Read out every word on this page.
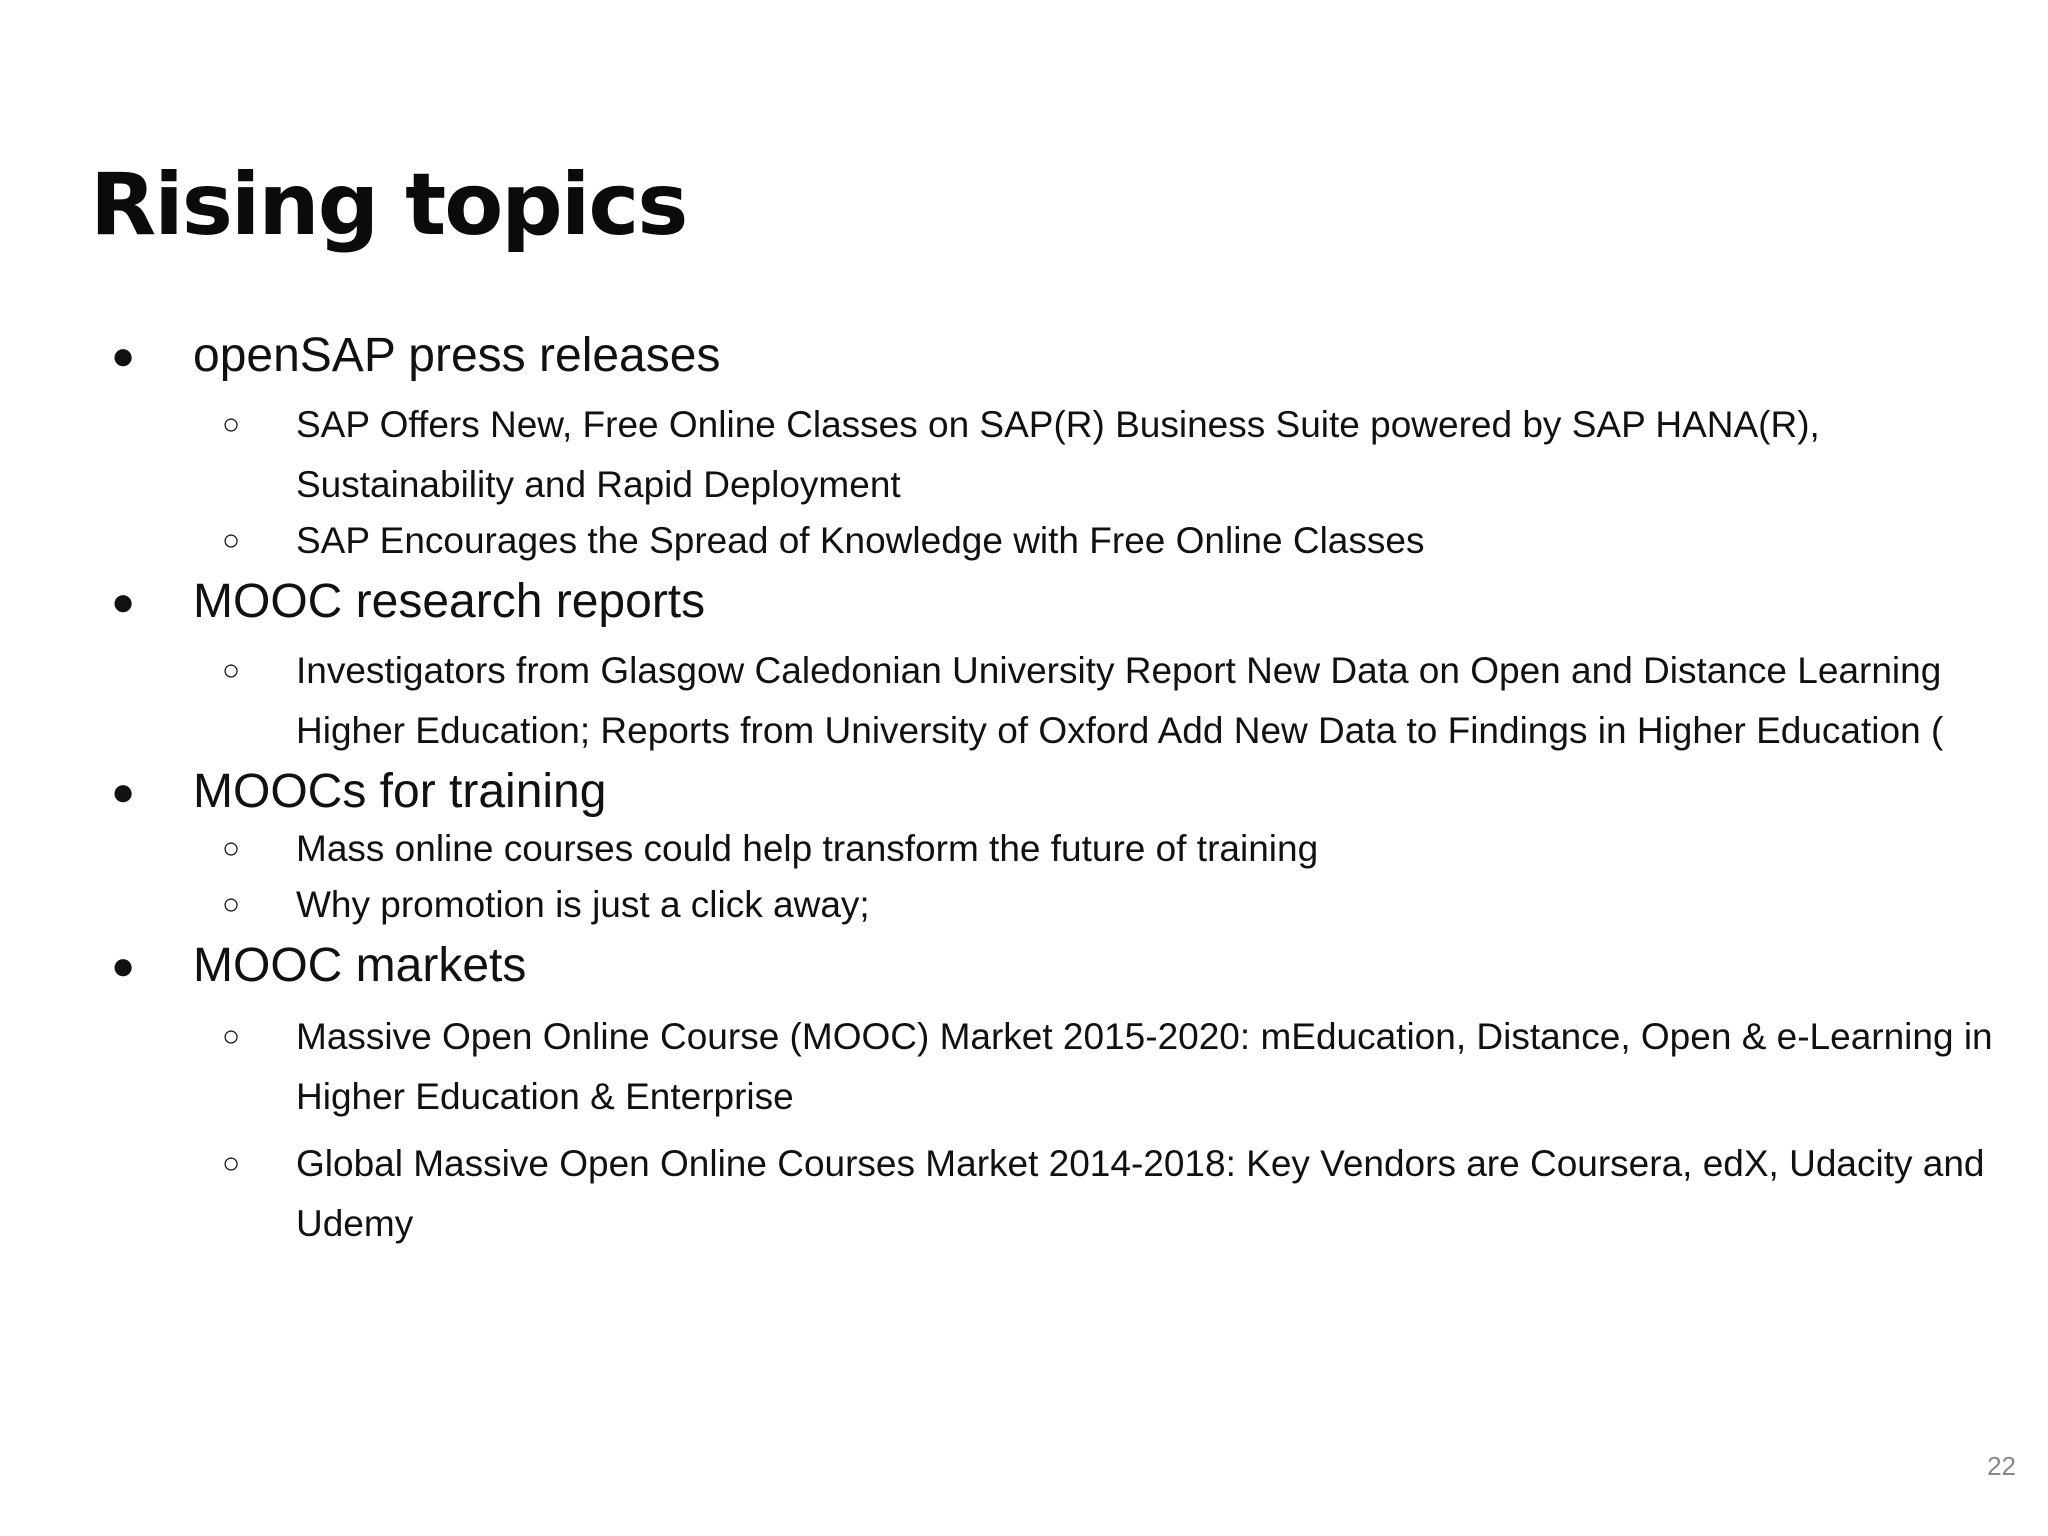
Rising topics
● openSAP press releases
○ SAP Offers New, Free Online Classes on SAP(R) Business Suite powered by SAP HANA(R),
Sustainability and Rapid Deployment
○ SAP Encourages the Spread of Knowledge with Free Online Classes
● MOOC research reports
○ Investigators from Glasgow Caledonian University Report New Data on Open and Distance Learning
Higher Education; Reports from University of Oxford Add New Data to Findings in Higher Education (
● MOOCs for training
○ Mass online courses could help transform the future of training
○ Why promotion is just a click away;
● MOOC markets
○ Massive Open Online Course (MOOC) Market 2015-2020: mEducation, Distance, Open & e-Learning in
Higher Education & Enterprise
○ Global Massive Open Online Courses Market 2014-2018: Key Vendors are Coursera, edX, Udacity and
Udemy
22
